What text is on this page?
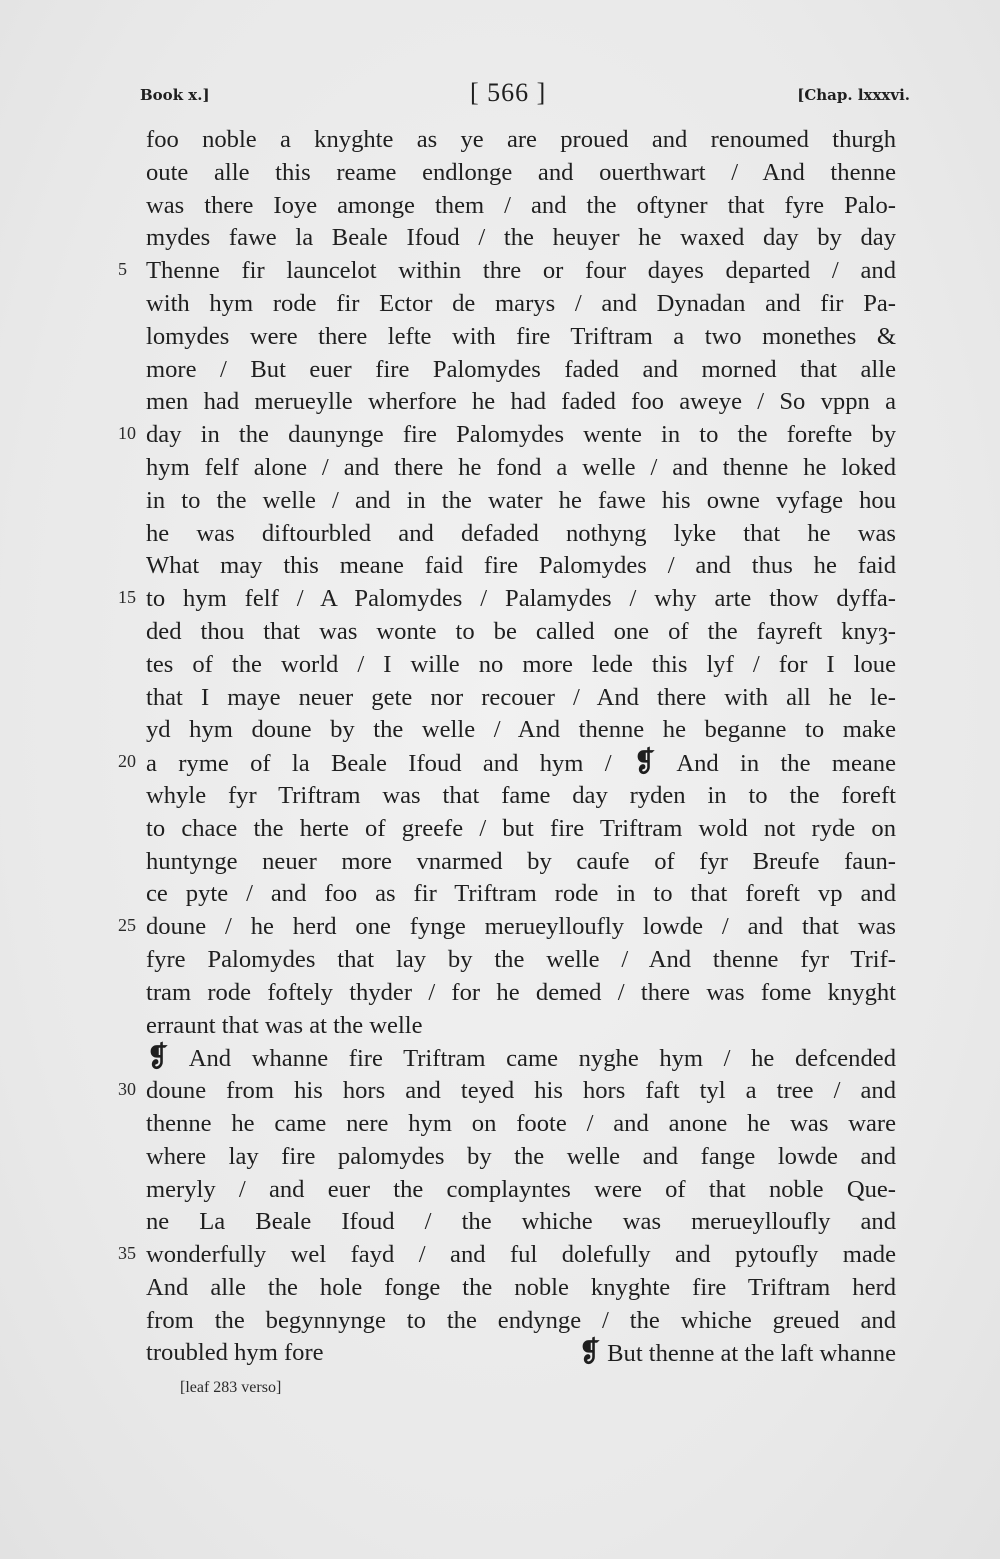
Book x.]	[ 566 ]	[Chap. lxxxvi.
foo noble a knyghte as ye are proued and renoumed thurgh
oute alle this reame endlonge and ouerthwart / And thenne
was there Ioye amonge them / and the oftyner that fyre Palo-
mydes fawe la Beale Ifoud / the heuyer he waxed day by day
5 Thenne fir launcelot within thre or four dayes departed / and
with hym rode fir Ector de marys / and Dynadan and fir Pa-
lomydes were there lefte with fire Triftram a two monethes &
more / But euer fire Palomydes faded and morned that alle
men had merueylle wherfore he had faded foo aweye / So vppn a
10 day in the daunynge fire Palomydes wente in to the forefte by
hym felf alone / and there he fond a welle / and thenne he loked
in to the welle / and in the water he fawe his owne vyfage hou
he was diftourbled and defaded nothyng lyke that he was
What may this meane faid fire Palomydes / and thus he faid
15 to hym felf / A Palomydes / Palamydes / why arte thow dyffa-
ded thou that was wonte to be called one of the fayreft knyȝ-
tes of the world / I wille no more lede this lyf / for I loue
that I maye neuer gete nor recouer / And there with all he le-
yd hym doune by the welle / And thenne he beganne to make
20 a ryme of la Beale Ifoud and hym / ❡ And in the meane
whyle fyr Triftram was that fame day ryden in to the foreft
to chace the herte of greefe / but fire Triftram wold not ryde on
huntynge neuer more vnarmed by caufe of fyr Breufe faun-
ce pyte / and foo as fir Triftram rode in to that foreft vp and
25 doune / he herd one fynge merueylloufly lowde / and that was
fyre Palomydes that lay by the welle / And thenne fyr Trif-
tram rode foftely thyder / for he demed / there was fome knyght
erraunt that was at the welle
❡ And whanne fire Triftram came nyghe hym / he defcended
30 doune from his hors and teyed his hors faft tyl a tree / and
thenne he came nere hym on foote / and anone he was ware
where lay fire palomydes by the welle and fange lowde and
meryly / and euer the complayntes were of that noble Que-
ne La Beale Ifoud / the whiche was merueylloufly and
35 wonderfully wel fayd / and ful dolefully and pytoufly made
And alle the hole fonge the noble knyghte fire Triftram herd
from the begynnynge to the endynge / the whiche greued and
troubled hym fore	❡ But thenne at the laft whanne
[leaf 283 verso]
